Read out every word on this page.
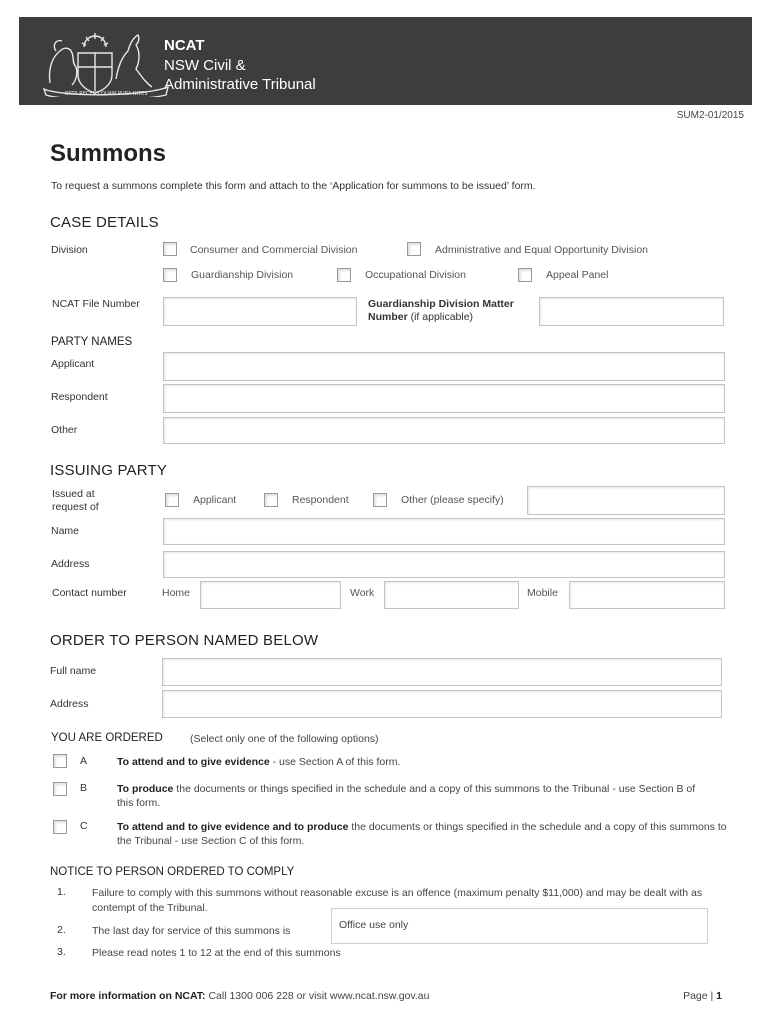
ORTA RECENS QUAM PURA NITES
NCAT
NSW Civil &
Administrative Tribunal
SUM2-01/2015
Summons
To request a summons complete this form and attach to the ‘Application for summons to be issued’ form.
CASE DETAILS
Division	Consumer and Commercial Division	Administrative and Equal Opportunity Division
Guardianship Division	Occupational Division	Appeal Panel
NCAT File Number	Guardianship Division Matter
Number (if applicable)
PARTY NAMES
Applicant
Respondent
Other
ISSUING PARTY
Issued at
request of
Applicant	Respondent	Other (please specify)
Name
Address
Contact number	Home	Work	Mobile
ORDER TO PERSON NAMED BELOW
Full name
Address
YOU ARE ORDERED	(Select only one of the following options)
A	To attend and to give evidence - use Section A of this form.
B	To produce the documents or things specified in the schedule and a copy of this summons to the Tribunal - use Section B of this form.
C	To attend and to give evidence and to produce the documents or things specified in the schedule and a copy of this summons to the Tribunal - use Section C of this form.
NOTICE TO PERSON ORDERED TO COMPLY
1. Failure to comply with this summons without reasonable excuse is an offence (maximum penalty $11,000) and may be dealt with as contempt of the Tribunal.
2. The last day for service of this summons is	Office use only
3. Please read notes 1 to 12 at the end of this summons
For more information on NCAT: Call 1300 006 228 or visit www.ncat.nsw.gov.au	Page | 1
